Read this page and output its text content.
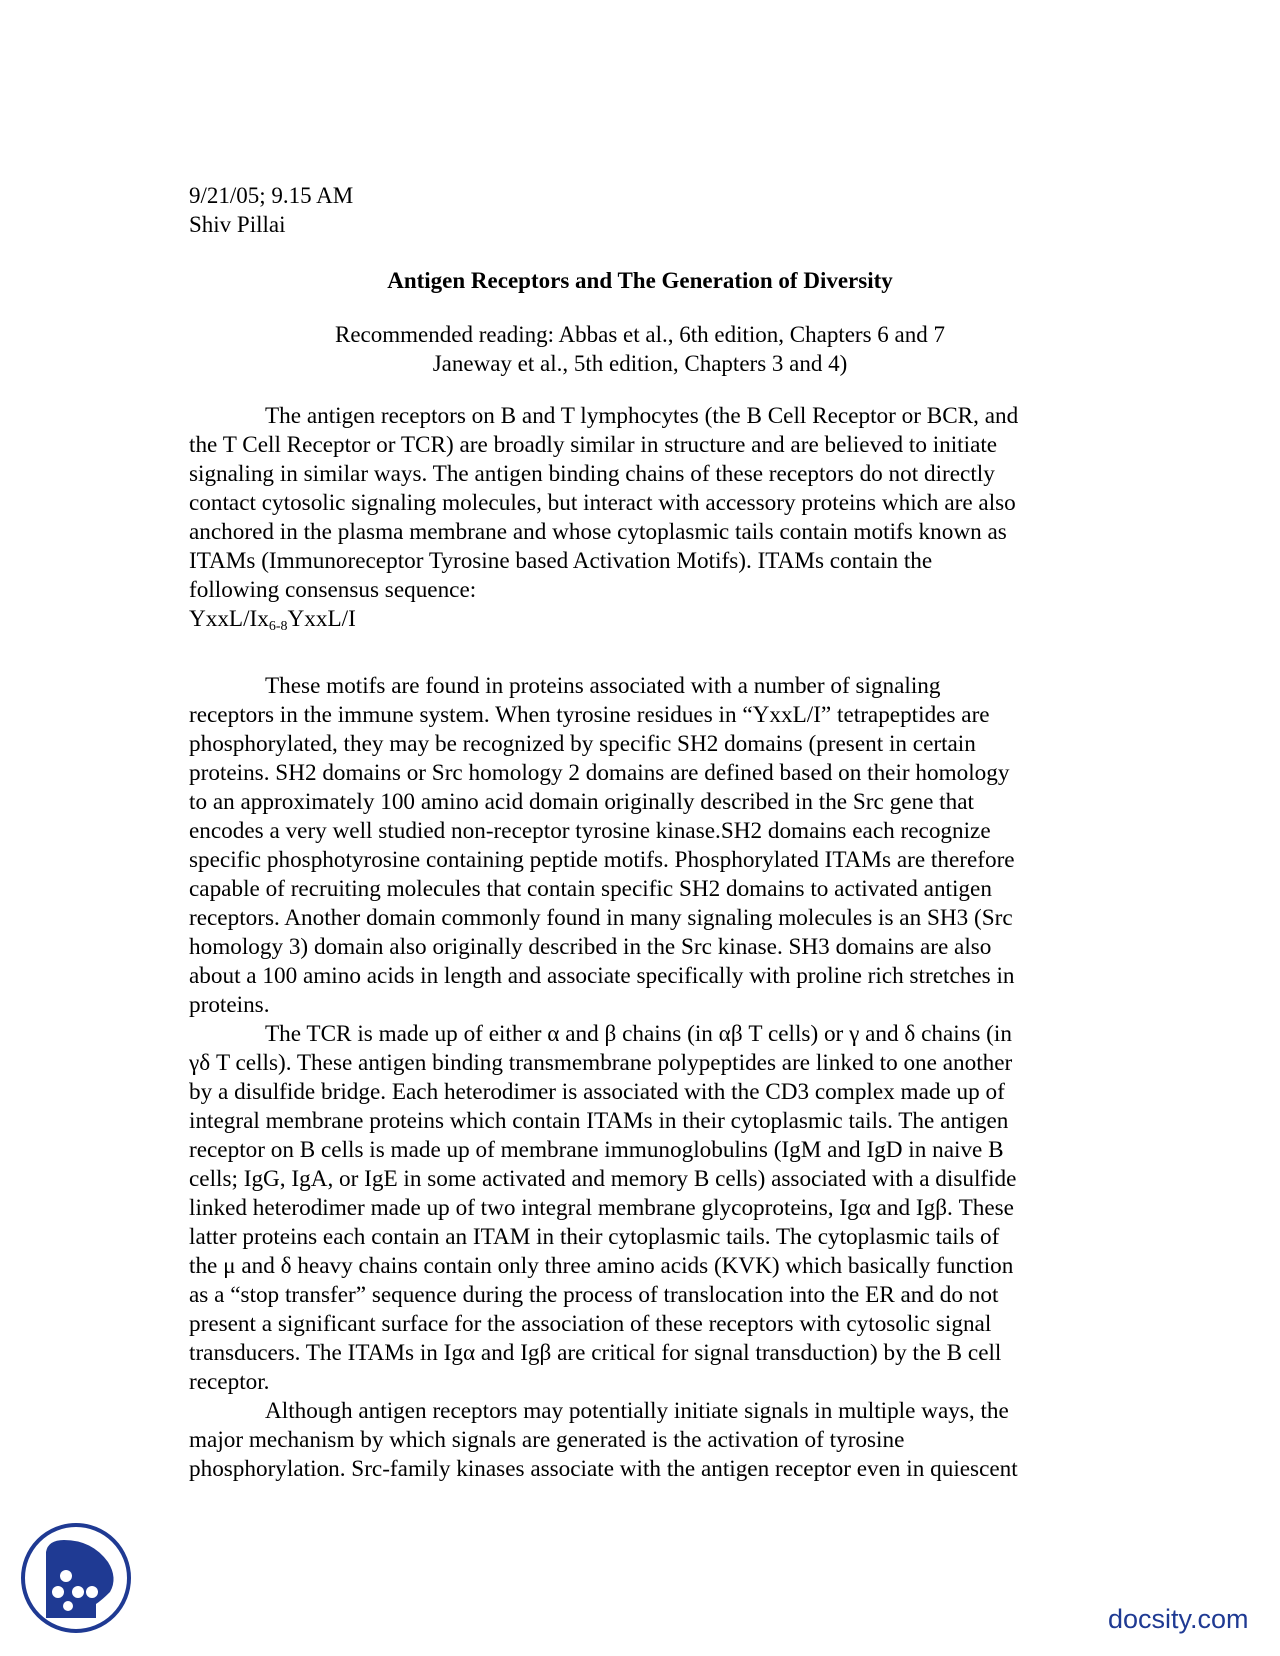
9/21/05; 9.15 AM
Shiv Pillai
Antigen Receptors and The Generation of Diversity
Recommended reading: Abbas et al., 6th edition, Chapters 6 and 7
Janeway et al., 5th edition, Chapters 3 and 4)
The antigen receptors on B and T lymphocytes (the B Cell Receptor or BCR, and
the T Cell Receptor or TCR) are broadly similar in structure and are believed to initiate
signaling in similar ways. The antigen binding chains of these receptors do not directly
contact cytosolic signaling molecules, but interact with accessory proteins which are also
anchored in the plasma membrane and whose cytoplasmic tails contain motifs known as
ITAMs (Immunoreceptor Tyrosine based Activation Motifs). ITAMs contain the
following consensus sequence:
YxxL/$Ix_{6-8}YxxL/I$
These motifs are found in proteins associated with a number of signaling
receptors in the immune system. When tyrosine residues in “YxxL/I” tetrapeptides are
phosphorylated, they may be recognized by specific SH2 domains (present in certain
proteins. SH2 domains or Src homology 2 domains are defined based on their homology
to an approximately 100 amino acid domain originally described in the Src gene that
encodes a very well studied non-receptor tyrosine kinase.SH2 domains each recognize
specific phosphotyrosine containing peptide motifs. Phosphorylated ITAMs are therefore
capable of recruiting molecules that contain specific SH2 domains to activated antigen
receptors. Another domain commonly found in many signaling molecules is an SH3 (Src
homology 3) domain also originally described in the Src kinase. SH3 domains are also
about a 100 amino acids in length and associate specifically with proline rich stretches in
proteins.
The TCR is made up of either α and β chains (in αβ T cells) or γ and δ chains (in
γδ T cells). These antigen binding transmembrane polypeptides are linked to one another
by a disulfide bridge. Each heterodimer is associated with the CD3 complex made up of
integral membrane proteins which contain ITAMs in their cytoplasmic tails. The antigen
receptor on B cells is made up of membrane immunoglobulins (IgM and IgD in naive B
cells; IgG, IgA, or IgE in some activated and memory B cells) associated with a disulfide
linked heterodimer made up of two integral membrane glycoproteins, Igα and Igβ. These
latter proteins each contain an ITAM in their cytoplasmic tails. The cytoplasmic tails of
the μ and δ heavy chains contain only three amino acids (KVK) which basically function
as a “stop transfer” sequence during the process of translocation into the ER and do not
present a significant surface for the association of these receptors with cytosolic signal
transducers. The ITAMs in Igα and Igβ are critical for signal transduction) by the B cell
receptor.
Although antigen receptors may potentially initiate signals in multiple ways, the
major mechanism by which signals are generated is the activation of tyrosine
phosphorylation. Src-family kinases associate with the antigen receptor even in quiescent
docsity.com
